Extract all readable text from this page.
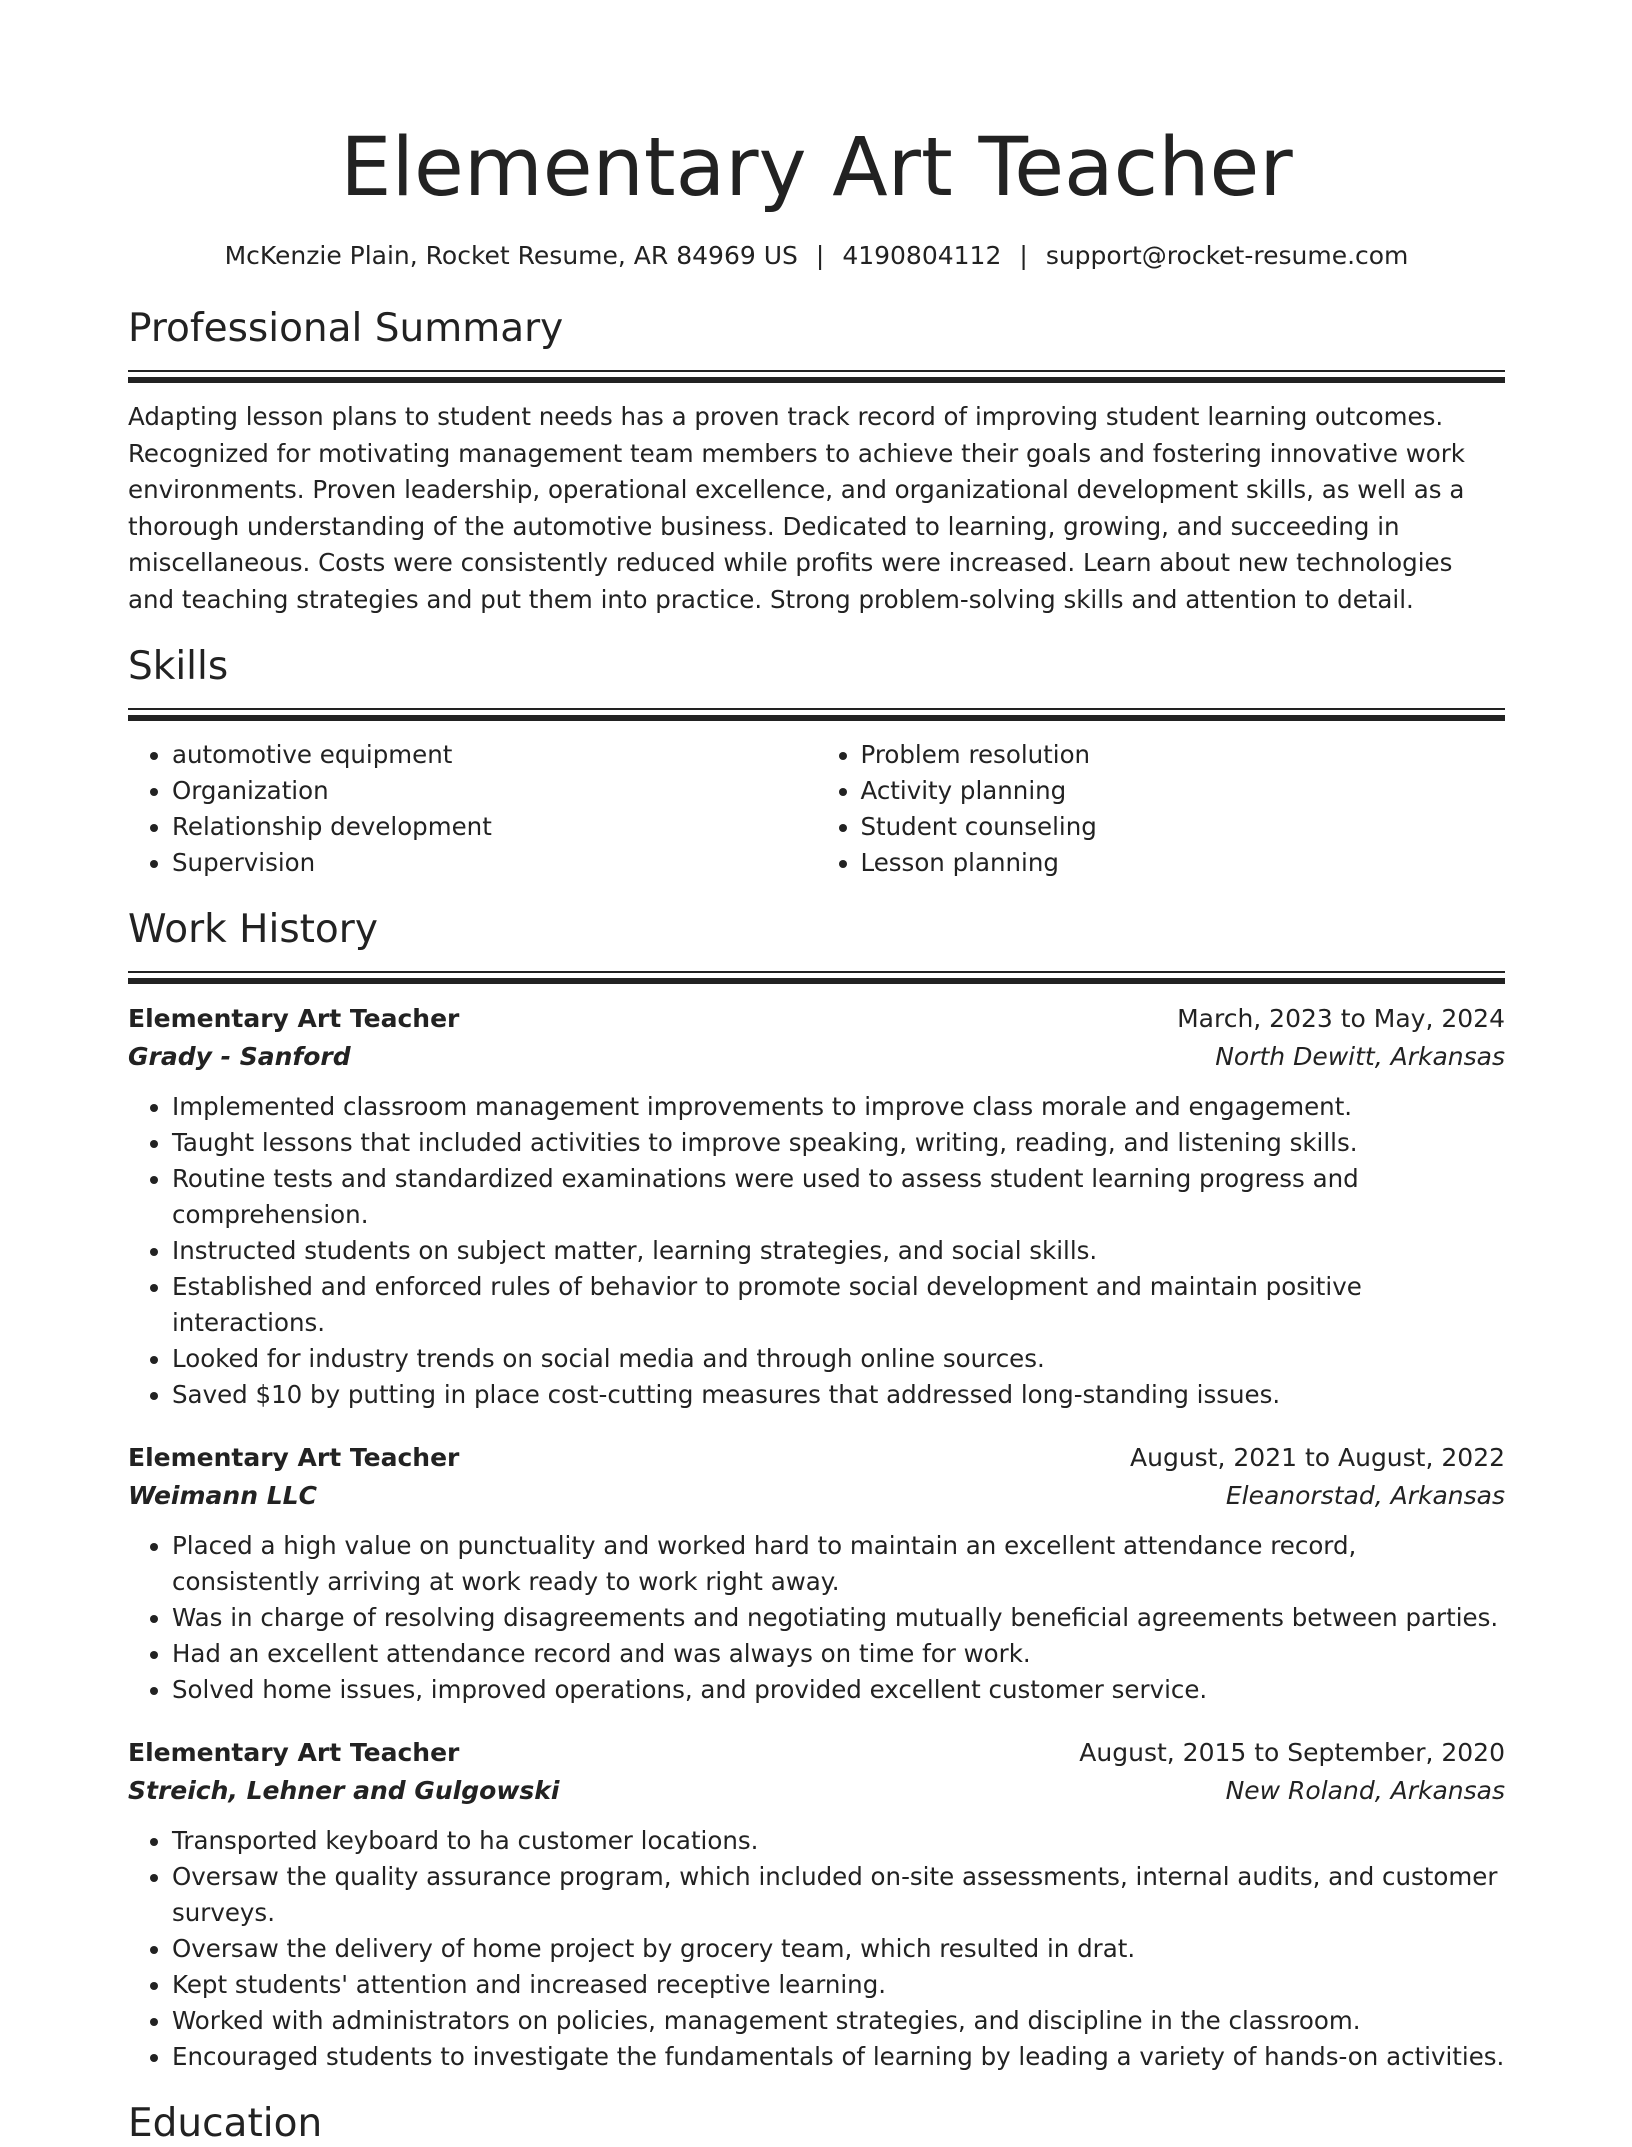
Elementary Art Teacher
McKenzie Plain, Rocket Resume, AR 84969 US | 4190804112 | support@rocket-resume.com
Professional Summary

Adapting lesson plans to student needs has a proven track record of improving student learning outcomes. Recognized for motivating management team members to achieve their goals and fostering innovative work environments. Proven leadership, operational excellence, and organizational development skills, as well as a thorough understanding of the automotive business. Dedicated to learning, growing, and succeeding in miscellaneous. Costs were consistently reduced while profits were increased. Learn about new technologies and teaching strategies and put them into practice. Strong problem-solving skills and attention to detail.

Skills
• automotive equipment
• Organization
• Relationship development
• Supervision
• Problem resolution
• Activity planning
• Student counseling
• Lesson planning
Work History
Elementary Art Teacher	March, 2023 to May, 2024
Grady - Sanford	North Dewitt, Arkansas
• Implemented classroom management improvements to improve class morale and engagement.
• Taught lessons that included activities to improve speaking, writing, reading, and listening skills.
• Routine tests and standardized examinations were used to assess student learning progress and comprehension.
• Instructed students on subject matter, learning strategies, and social skills.
• Established and enforced rules of behavior to promote social development and maintain positive interactions.
• Looked for industry trends on social media and through online sources.
• Saved $10 by putting in place cost-cutting measures that addressed long-standing issues.
Elementary Art Teacher	August, 2021 to August, 2022
Weimann LLC	Eleanorstad, Arkansas
• Placed a high value on punctuality and worked hard to maintain an excellent attendance record, consistently arriving at work ready to work right away.
• Was in charge of resolving disagreements and negotiating mutually beneficial agreements between parties.
• Had an excellent attendance record and was always on time for work.
• Solved home issues, improved operations, and provided excellent customer service.
Elementary Art Teacher	August, 2015 to September, 2020
Streich, Lehner and Gulgowski	New Roland, Arkansas
• Transported keyboard to ha customer locations.
• Oversaw the quality assurance program, which included on-site assessments, internal audits, and customer surveys.
• Oversaw the delivery of home project by grocery team, which resulted in drat.
• Kept students' attention and increased receptive learning.
• Worked with administrators on policies, management strategies, and discipline in the classroom.
• Encouraged students to investigate the fundamentals of learning by leading a variety of hands-on activities.
Education
